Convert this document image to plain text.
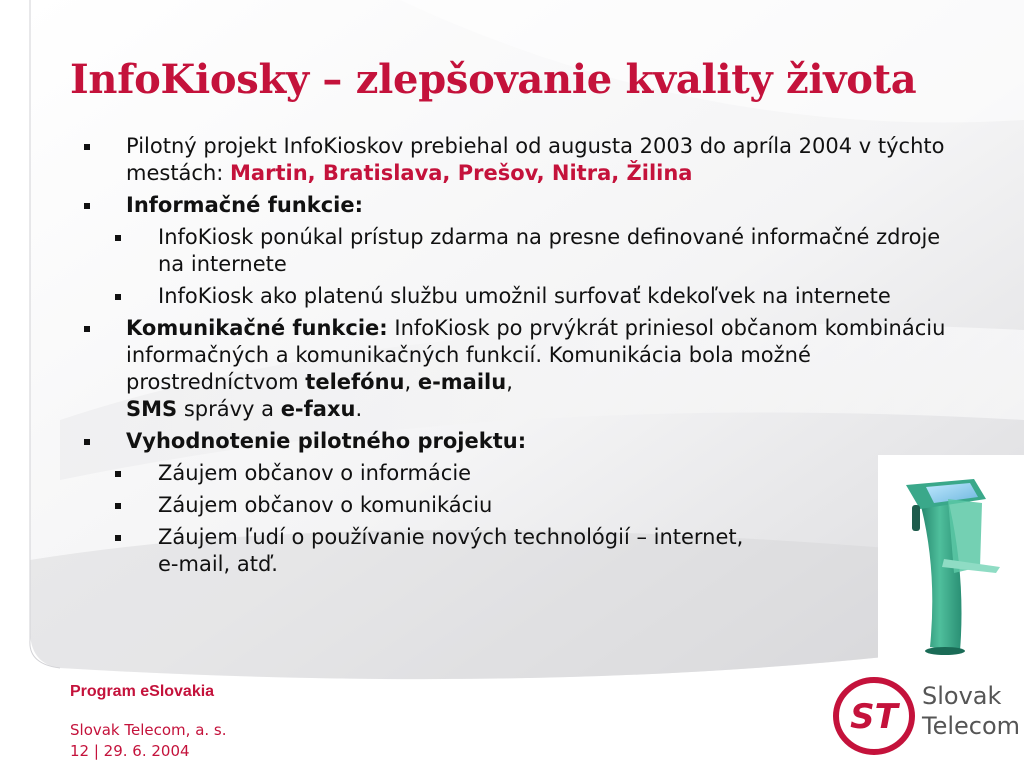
InfoKiosky – zlepšovanie kvality života
Pilotný projekt InfoKioskov prebiehal od augusta 2003 do apríla 2004 v týchto mestách: Martin, Bratislava, Prešov, Nitra, Žilina
Informačné funkcie:
InfoKiosk ponúkal prístup zdarma na presne definované informačné zdroje na internete
InfoKiosk ako platenú službu umožnil surfovať kdekoľvek na internete
Komunikačné funkcie: InfoKiosk po prvýkrát priniesol občanom kombináciu informačných a komunikačných funkcií. Komunikácia bola možné prostredníctvom telefónu, e-mailu,
SMS správy a e-faxu.
Vyhodnotenie pilotného projektu:
Záujem občanov o informácie
Záujem občanov o komunikáciu
Záujem ľudí o používanie nových technológií – internet,
e-mail, atď.
Program eSlovakia
Slovak Telecom, a. s.
12 | 29. 6. 2004
ST
Slovak
Telecom
